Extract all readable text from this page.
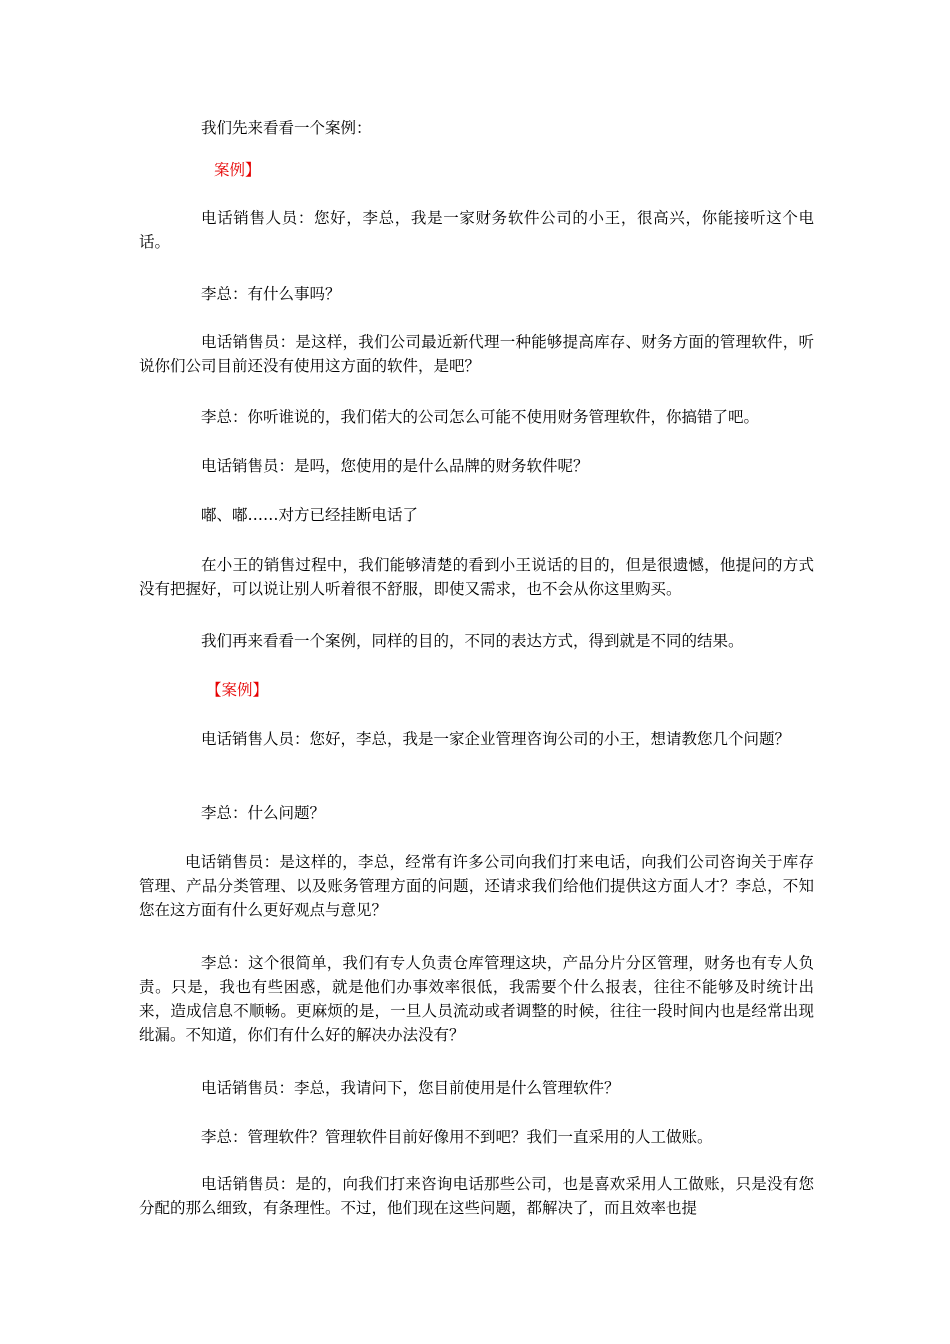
我们先来看看一个案例：

案例】

电话销售人员：您好，李总，我是一家财务软件公司的小王，很高兴，你能接听这个电话。

李总：有什么事吗？

电话销售员：是这样，我们公司最近新代理一种能够提高库存、财务方面的管理软件，听说你们公司目前还没有使用这方面的软件，是吧？

李总：你听谁说的，我们偌大的公司怎么可能不使用财务管理软件，你搞错了吧。

电话销售员：是吗，您使用的是什么品牌的财务软件呢？

嘟、嘟……对方已经挂断电话了

在小王的销售过程中，我们能够清楚的看到小王说话的目的，但是很遗憾，他提问的方式没有把握好，可以说让别人听着很不舒服，即使又需求，也不会从你这里购买。

我们再来看看一个案例，同样的目的，不同的表达方式，得到就是不同的结果。

【案例】

电话销售人员：您好，李总，我是一家企业管理咨询公司的小王，想请教您几个问题？

李总：什么问题？

电话销售员：是这样的，李总，经常有许多公司向我们打来电话，向我们公司咨询关于库存管理、产品分类管理、以及账务管理方面的问题，还请求我们给他们提供这方面人才？李总，不知您在这方面有什么更好观点与意见？

李总：这个很简单，我们有专人负责仓库管理这块，产品分片分区管理，财务也有专人负责。只是，我也有些困惑，就是他们办事效率很低，我需要个什么报表，往往不能够及时统计出来，造成信息不顺畅。更麻烦的是，一旦人员流动或者调整的时候，往往一段时间内也是经常出现纰漏。不知道，你们有什么好的解决办法没有？

电话销售员：李总，我请问下，您目前使用是什么管理软件？

李总：管理软件？管理软件目前好像用不到吧？我们一直采用的人工做账。

电话销售员：是的，向我们打来咨询电话那些公司，也是喜欢采用人工做账，只是没有您分配的那么细致，有条理性。不过，他们现在这些问题，都解决了，而且效率也提
